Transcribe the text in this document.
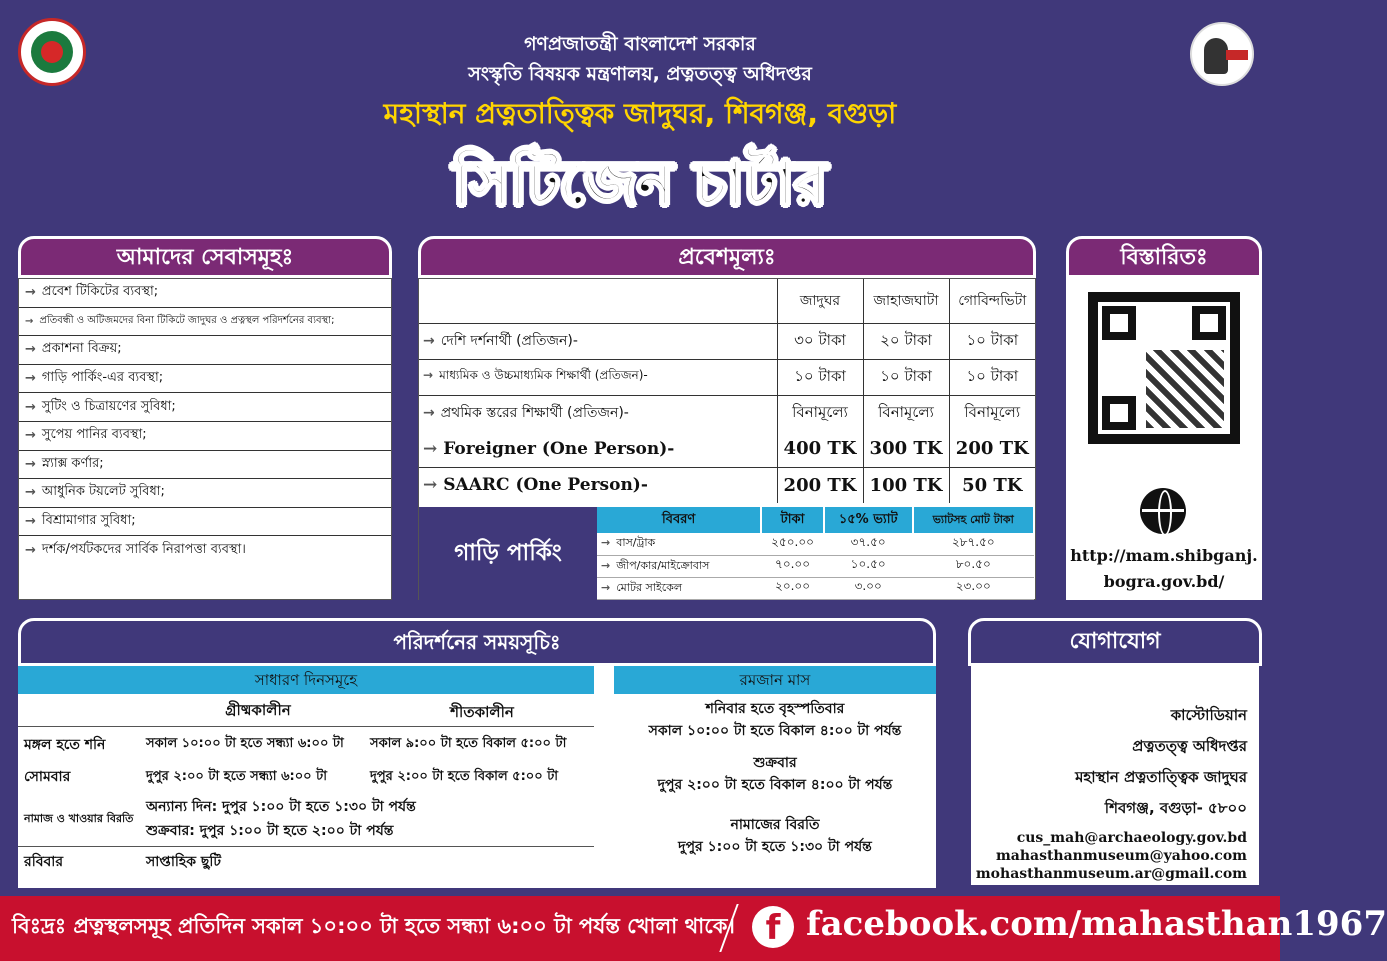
গণপ্রজাতন্ত্রী বাংলাদেশ সরকার
সংস্কৃতি বিষয়ক মন্ত্রণালয়, প্রত্নতত্ত্ব অধিদপ্তর
মহাস্থান প্রত্নতাত্ত্বিক জাদুঘর, শিবগঞ্জ, বগুড়া
সিটিজেন চার্টার
আমাদের সেবাসমূহঃ
→ প্রবেশ টিকিটের ব্যবস্থা;
→ প্রতিবন্ধী ও অটিজমদের বিনা টিকিটে জাদুঘর ও প্রত্নস্থল পরিদর্শনের ব্যবস্থা;
→ প্রকাশনা বিক্রয়;
→ গাড়ি পার্কিং-এর ব্যবস্থা;
→ সুটিং ও চিত্রায়ণের সুবিধা;
→ সুপেয় পানির ব্যবস্থা;
→ স্ন্যাক্স কর্ণার;
→ আধুনিক টয়লেট সুবিধা;
→ বিশ্রামাগার সুবিধা;
→ দর্শক/পর্যটকদের সার্বিক নিরাপত্তা ব্যবস্থা।
প্রবেশমূল্যঃ
	জাদুঘর	জাহাজঘাটা	গোবিন্দভিটা
→ দেশি দর্শনার্থী (প্রতিজন)-	৩০ টাকা	২০ টাকা	১০ টাকা
→ মাধ্যমিক ও উচ্চমাধ্যমিক শিক্ষার্থী (প্রতিজন)-	১০ টাকা	১০ টাকা	১০ টাকা
→ প্রথমিক স্তরের শিক্ষার্থী (প্রতিজন)-	বিনামূল্যে	বিনামূল্যে	বিনামূল্যে
→ Foreigner (One Person)-	400 TK	300 TK	200 TK
→ SAARC (One Person)-	200 TK	100 TK	50 TK
গাড়ি পার্কিং
বিবরণ	টাকা	১৫% ভ্যাট	ভ্যাটসহ মোট টাকা
→ বাস/ট্রাক	২৫০.০০	৩৭.৫০	২৮৭.৫০
→ জীপ/কার/মাইক্রোবাস	৭০.০০	১০.৫০	৮০.৫০
→ মোটর সাইকেল	২০.০০	৩.০০	২৩.০০
বিস্তারিতঃ
http://mam.shibganj.
bogra.gov.bd/
পরিদর্শনের সময়সূচিঃ
সাধারণ দিনসমূহে
গ্রীষ্মকালীন	শীতকালীন
মঙ্গল হতে শনি	সকাল ১০:০০ টা হতে সন্ধ্যা ৬:০০ টা	সকাল ৯:০০ টা হতে বিকাল ৫:০০ টা
সোমবার	দুপুর ২:০০ টা হতে সন্ধ্যা ৬:০০ টা	দুপুর ২:০০ টা হতে বিকাল ৫:০০ টা
নামাজ ও খাওয়ার বিরতি
অন্যান্য দিন: দুপুর ১:০০ টা হতে ১:৩০ টা পর্যন্ত
শুক্রবার: দুপুর ১:০০ টা হতে ২:০০ টা পর্যন্ত
রবিবার	সাপ্তাহিক ছুটি
রমজান মাস
শনিবার হতে বৃহস্পতিবার
সকাল ১০:০০ টা হতে বিকাল ৪:০০ টা পর্যন্ত
শুক্রবার
দুপুর ২:০০ টা হতে বিকাল ৪:০০ টা পর্যন্ত
নামাজের বিরতি
দুপুর ১:০০ টা হতে ১:৩০ টা পর্যন্ত
যোগাযোগ
কাস্টোডিয়ান
প্রত্নতত্ত্ব অধিদপ্তর
মহাস্থান প্রত্নতাত্ত্বিক জাদুঘর
শিবগঞ্জ, বগুড়া- ৫৮০০
cus_mah@archaeology.gov.bd
mahasthanmuseum@yahoo.com
mohasthanmuseum.ar@gmail.com
বিঃদ্রঃ প্রত্নস্থলসমূহ প্রতিদিন সকাল ১০:০০ টা হতে সন্ধ্যা ৬:০০ টা পর্যন্ত খোলা থাকে। f facebook.com/mahasthan1967
